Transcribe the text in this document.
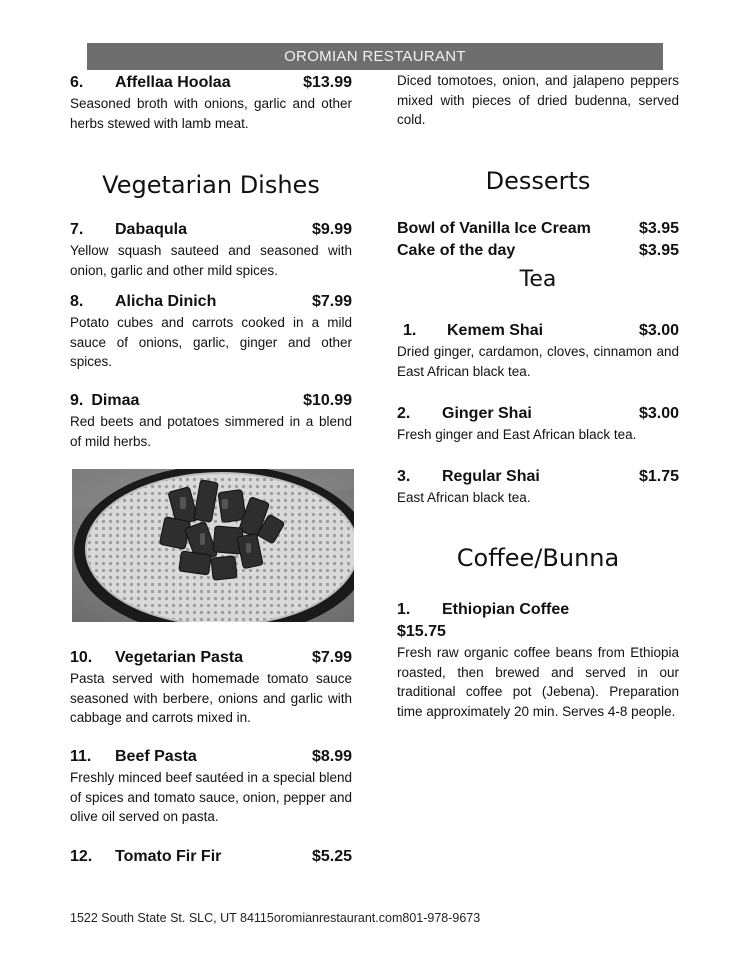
OROMIAN RESTAURANT
6.	Affellaa Hoolaa	$13.99
Seasoned broth with onions, garlic and other herbs stewed with lamb meat.
Vegetarian Dishes
7.	Dabaqula	$9.99
Yellow squash sauteed and seasoned with onion, garlic and other mild spices.
8.	Alicha Dinich	$7.99
Potato cubes and carrots cooked in a mild sauce of onions, garlic, ginger and other spices.
9. Dimaa	$10.99
Red beets and potatoes simmered in a blend of mild herbs.
10.	Vegetarian Pasta	$7.99
Pasta served with homemade tomato sauce seasoned with berbere, onions and garlic with cabbage and carrots mixed in.
11.	Beef Pasta	$8.99
Freshly minced beef sautéed in a special blend of spices and tomato sauce, onion, pepper and olive oil served on pasta.
12.	Tomato Fir Fir	$5.25
Diced tomotoes, onion, and jalapeno peppers mixed with pieces of dried budenna, served cold.
Desserts
Bowl of Vanilla Ice Cream	$3.95
Cake of the day	$3.95
Tea
1.	Kemem Shai	$3.00
Dried ginger, cardamon, cloves, cinnamon and East African black tea.
2.	Ginger Shai	$3.00
Fresh ginger and East African black tea.
3.	Regular Shai	$1.75
East African black tea.
Coffee/Bunna
1.	Ethiopian Coffee
$15.75
Fresh raw organic coffee beans from Ethiopia roasted, then brewed and served in our traditional coffee pot (Jebena). Preparation time approximately 20 min. Serves 4-8 people.
1522 South State St. SLC, UT 84115oromianrestaurant.com801-978-9673
